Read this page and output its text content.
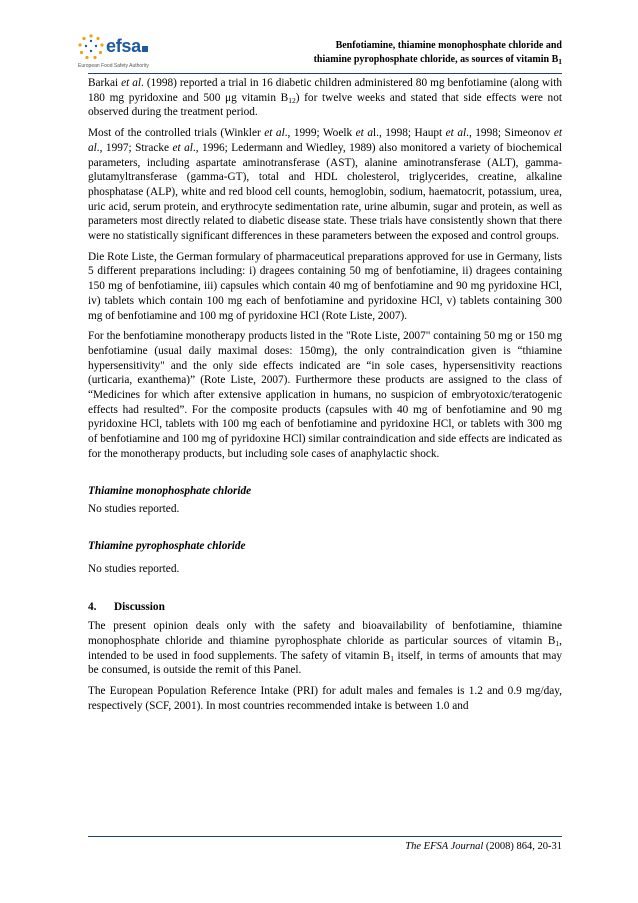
efsa
European Food Safety Authority
Benfotiamine, thiamine monophosphate chloride and
thiamine pyrophosphate chloride, as sources of vitamin $B_1$

Barkai et al. (1998) reported a trial in 16 diabetic children administered 80 mg benfotiamine (along with 180 mg pyridoxine and 500 μg vitamin $B_{12}$) for twelve weeks and stated that side effects were not observed during the treatment period.

Most of the controlled trials (Winkler et al., 1999; Woelk et al., 1998; Haupt et al., 1998; Simeonov et al., 1997; Stracke et al., 1996; Ledermann and Wiedley, 1989) also monitored a variety of biochemical parameters, including aspartate aminotransferase (AST), alanine aminotransferase (ALT), gamma-glutamyltransferase (gamma-GT), total and HDL cholesterol, triglycerides, creatine, alkaline phosphatase (ALP), white and red blood cell counts, hemoglobin, sodium, haematocrit, potassium, urea, uric acid, serum protein, and erythrocyte sedimentation rate, urine albumin, sugar and protein, as well as parameters most directly related to diabetic disease state. These trials have consistently shown that there were no statistically significant differences in these parameters between the exposed and control groups.

Die Rote Liste, the German formulary of pharmaceutical preparations approved for use in Germany, lists 5 different preparations including: i) dragees containing 50 mg of benfotiamine, ii) dragees containing 150 mg of benfotiamine, iii) capsules which contain 40 mg of benfotiamine and 90 mg pyridoxine HCl, iv) tablets which contain 100 mg each of benfotiamine and pyridoxine HCl, v) tablets containing 300 mg of benfotiamine and 100 mg of pyridoxine HCl (Rote Liste, 2007).

For the benfotiamine monotherapy products listed in the "Rote Liste, 2007" containing 50 mg or 150 mg benfotiamine (usual daily maximal doses: 150mg), the only contraindication given is “thiamine hypersensitivity" and the only side effects indicated are “in sole cases, hypersensitivity reactions (urticaria, exanthema)” (Rote Liste, 2007). Furthermore these products are assigned to the class of “Medicines for which after extensive application in humans, no suspicion of embryotoxic/teratogenic effects had resulted”. For the composite products (capsules with 40 mg of benfotiamine and 90 mg pyridoxine HCl, tablets with 100 mg each of benfotiamine and pyridoxine HCl, or tablets with 300 mg of benfotiamine and 100 mg of pyridoxine HCl) similar contraindication and side effects are indicated as for the monotherapy products, but including sole cases of anaphylactic shock.

Thiamine monophosphate chloride

No studies reported.

Thiamine pyrophosphate chloride

No studies reported.

4. Discussion

The present opinion deals only with the safety and bioavailability of benfotiamine, thiamine monophosphate chloride and thiamine pyrophosphate chloride as particular sources of vitamin $B_1$, intended to be used in food supplements. The safety of vitamin $B_1$ itself, in terms of amounts that may be consumed, is outside the remit of this Panel.

The European Population Reference Intake (PRI) for adult males and females is 1.2 and 0.9 mg/day, respectively (SCF, 2001). In most countries recommended intake is between 1.0 and

The EFSA Journal (2008) 864, 20-31
